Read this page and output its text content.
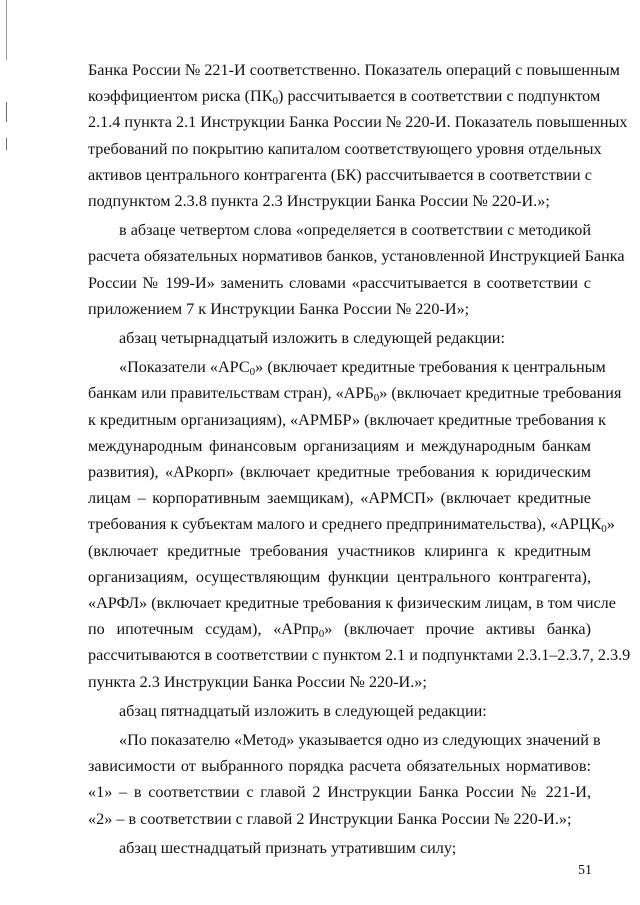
Банка России № 221-И соответственно. Показатель операций с повышенным
коэффициентом риска $(ПК_0)$ рассчитывается в соответствии с подпунктом
2.1.4 пункта 2.1 Инструкции Банка России № 220-И. Показатель повышенных
требований по покрытию капиталом соответствующего уровня отдельных
активов центрального контрагента (БК) рассчитывается в соответствии с
подпунктом 2.3.8 пункта 2.3 Инструкции Банка России № 220-И.»;

в абзаце четвертом слова «определяется в соответствии с методикой
расчета обязательных нормативов банков, установленной Инструкцией Банка
России № 199-И» заменить словами «рассчитывается в соответствии с
приложением 7 к Инструкции Банка России № 220-И»;

абзац четырнадцатый изложить в следующей редакции:

«Показатели «$АРС_0$» (включает кредитные требования к центральным
банкам или правительствам стран), «$АРБ_0$» (включает кредитные требования
к кредитным организациям), «АРМБР» (включает кредитные требования к
международным финансовым организациям и международным банкам
развития), «АРкорп» (включает кредитные требования к юридическим
лицам – корпоративным заемщикам), «АРМСП» (включает кредитные
требования к субъектам малого и среднего предпринимательства), «$АРЦК_0$»
(включает кредитные требования участников клиринга к кредитным
организациям, осуществляющим функции центрального контрагента),
«АРФЛ» (включает кредитные требования к физическим лицам, в том числе
по ипотечным ссудам), «АРпр$_0$» (включает прочие активы банка)
рассчитываются в соответствии с пунктом 2.1 и подпунктами 2.3.1–2.3.7, 2.3.9
пункта 2.3 Инструкции Банка России № 220-И.»;

абзац пятнадцатый изложить в следующей редакции:

«По показателю «Метод» указывается одно из следующих значений в
зависимости от выбранного порядка расчета обязательных нормативов:
«1» – в соответствии с главой 2 Инструкции Банка России № 221-И,
«2» – в соответствии с главой 2 Инструкции Банка России № 220-И.»;

абзац шестнадцатый признать утратившим силу;

51
